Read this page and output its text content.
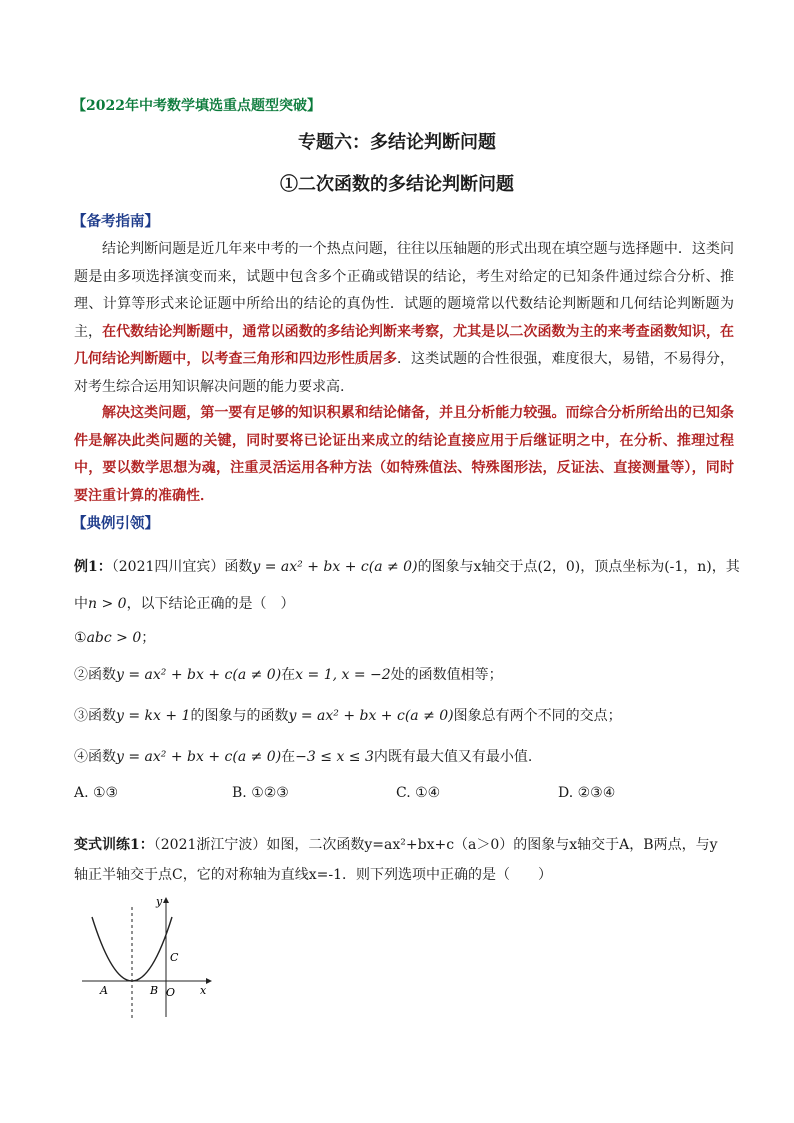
【2022年中考数学填选重点题型突破】
专题六：多结论判断问题
①二次函数的多结论判断问题
【备考指南】
结论判断问题是近几年来中考的一个热点问题，往往以压轴题的形式出现在填空题与选择题中．这类问题是由多项选择演变而来，试题中包含多个正确或错误的结论，考生对给定的已知条件通过综合分析、推理、计算等形式来论证题中所给出的结论的真伪性．试题的题境常以代数结论判断题和几何结论判断题为主，在代数结论判断题中，通常以函数的多结论判断来考察，尤其是以二次函数为主的来考查函数知识，在几何结论判断题中，以考查三角形和四边形性质居多．这类试题的合性很强，难度很大，易错，不易得分，对考生综合运用知识解决问题的能力要求高.
解决这类问题，第一要有足够的知识积累和结论储备，并且分析能力较强。而综合分析所给出的已知条件是解决此类问题的关键，同时要将已论证出来成立的结论直接应用于后继证明之中，在分析、推理过程中，要以数学思想为魂，注重灵活运用各种方法（如特殊值法、特殊图形法，反证法、直接测量等），同时要注重计算的准确性．
【典例引领】
例1：（2021四川宜宾）函数y = ax² + bx + c(a ≠ 0)的图象与x轴交于点(2，0)，顶点坐标为(-1，n)，其
中n > 0，以下结论正确的是（　）
①abc > 0；
②函数y = ax² + bx + c(a ≠ 0)在x = 1, x = −2处的函数值相等；
③函数y = kx + 1的图象与的函数y = ax² + bx + c(a ≠ 0)图象总有两个不同的交点；
④函数y = ax² + bx + c(a ≠ 0)在−3 ≤ x ≤ 3内既有最大值又有最小值.
A. ①③	B. ①②③	C. ①④	D. ②③④
变式训练1：（2021浙江宁波）如图，二次函数y=ax²+bx+c（a＞0）的图象与x轴交于A，B两点，与y
轴正半轴交于点C，它的对称轴为直线x=-1．则下列选项中正确的是（　　）
y
x
A	B O
C
